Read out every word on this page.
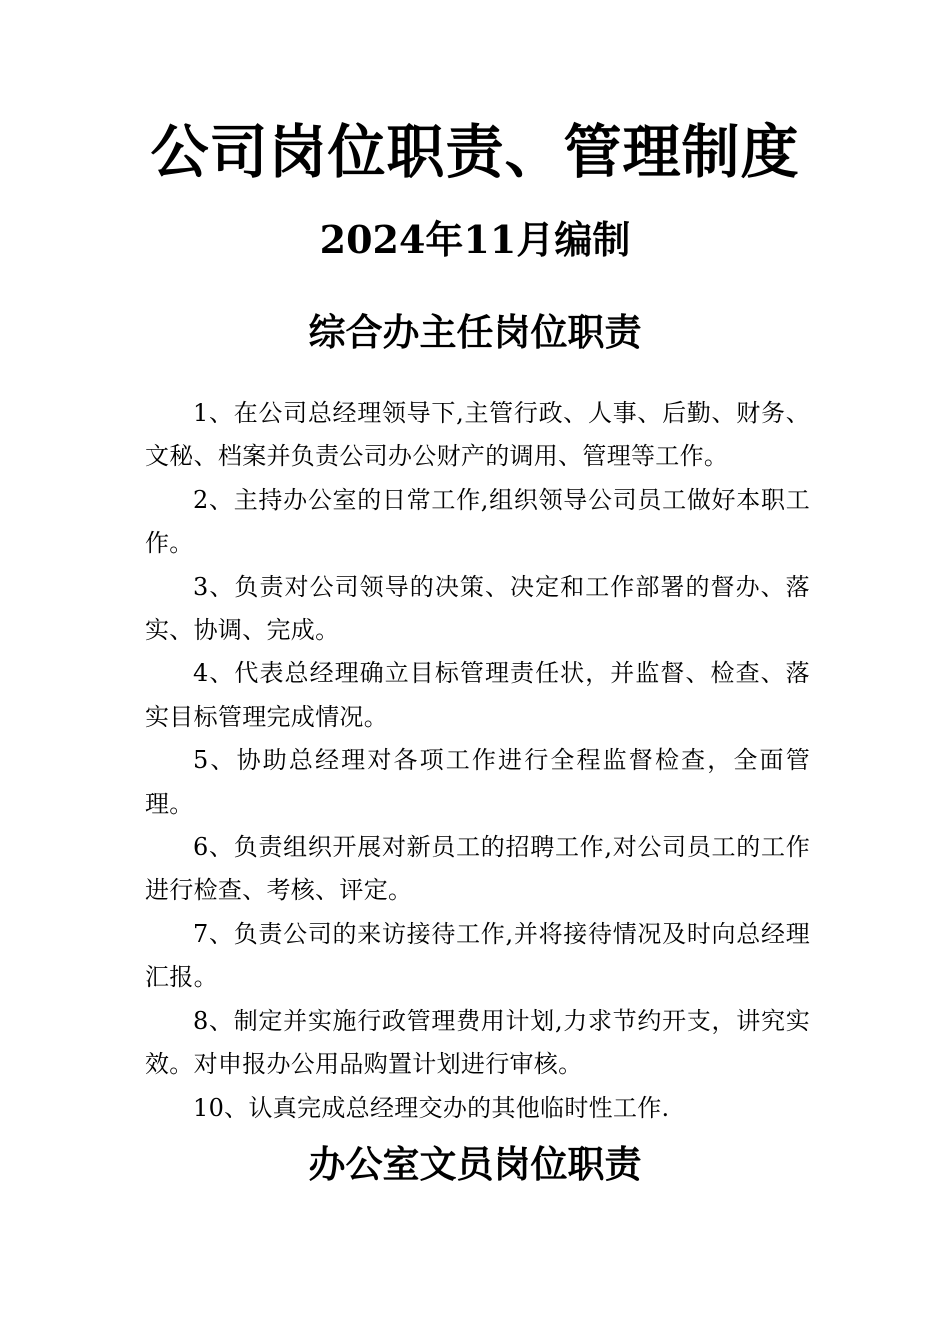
公司岗位职责、管理制度
2024年11月编制
综合办主任岗位职责

1、在公司总经理领导下,主管行政、人事、后勤、财务、文秘、档案并负责公司办公财产的调用、管理等工作。

2、主持办公室的日常工作,组织领导公司员工做好本职工作。

3、负责对公司领导的决策、决定和工作部署的督办、落实、协调、完成。

4、代表总经理确立目标管理责任状，并监督、检查、落实目标管理完成情况。

5、协助总经理对各项工作进行全程监督检查，全面管理。

6、负责组织开展对新员工的招聘工作,对公司员工的工作进行检查、考核、评定。

7、负责公司的来访接待工作,并将接待情况及时向总经理汇报。

8、制定并实施行政管理费用计划,力求节约开支，讲究实效。对申报办公用品购置计划进行审核。

10、认真完成总经理交办的其他临时性工作.

办公室文员岗位职责
